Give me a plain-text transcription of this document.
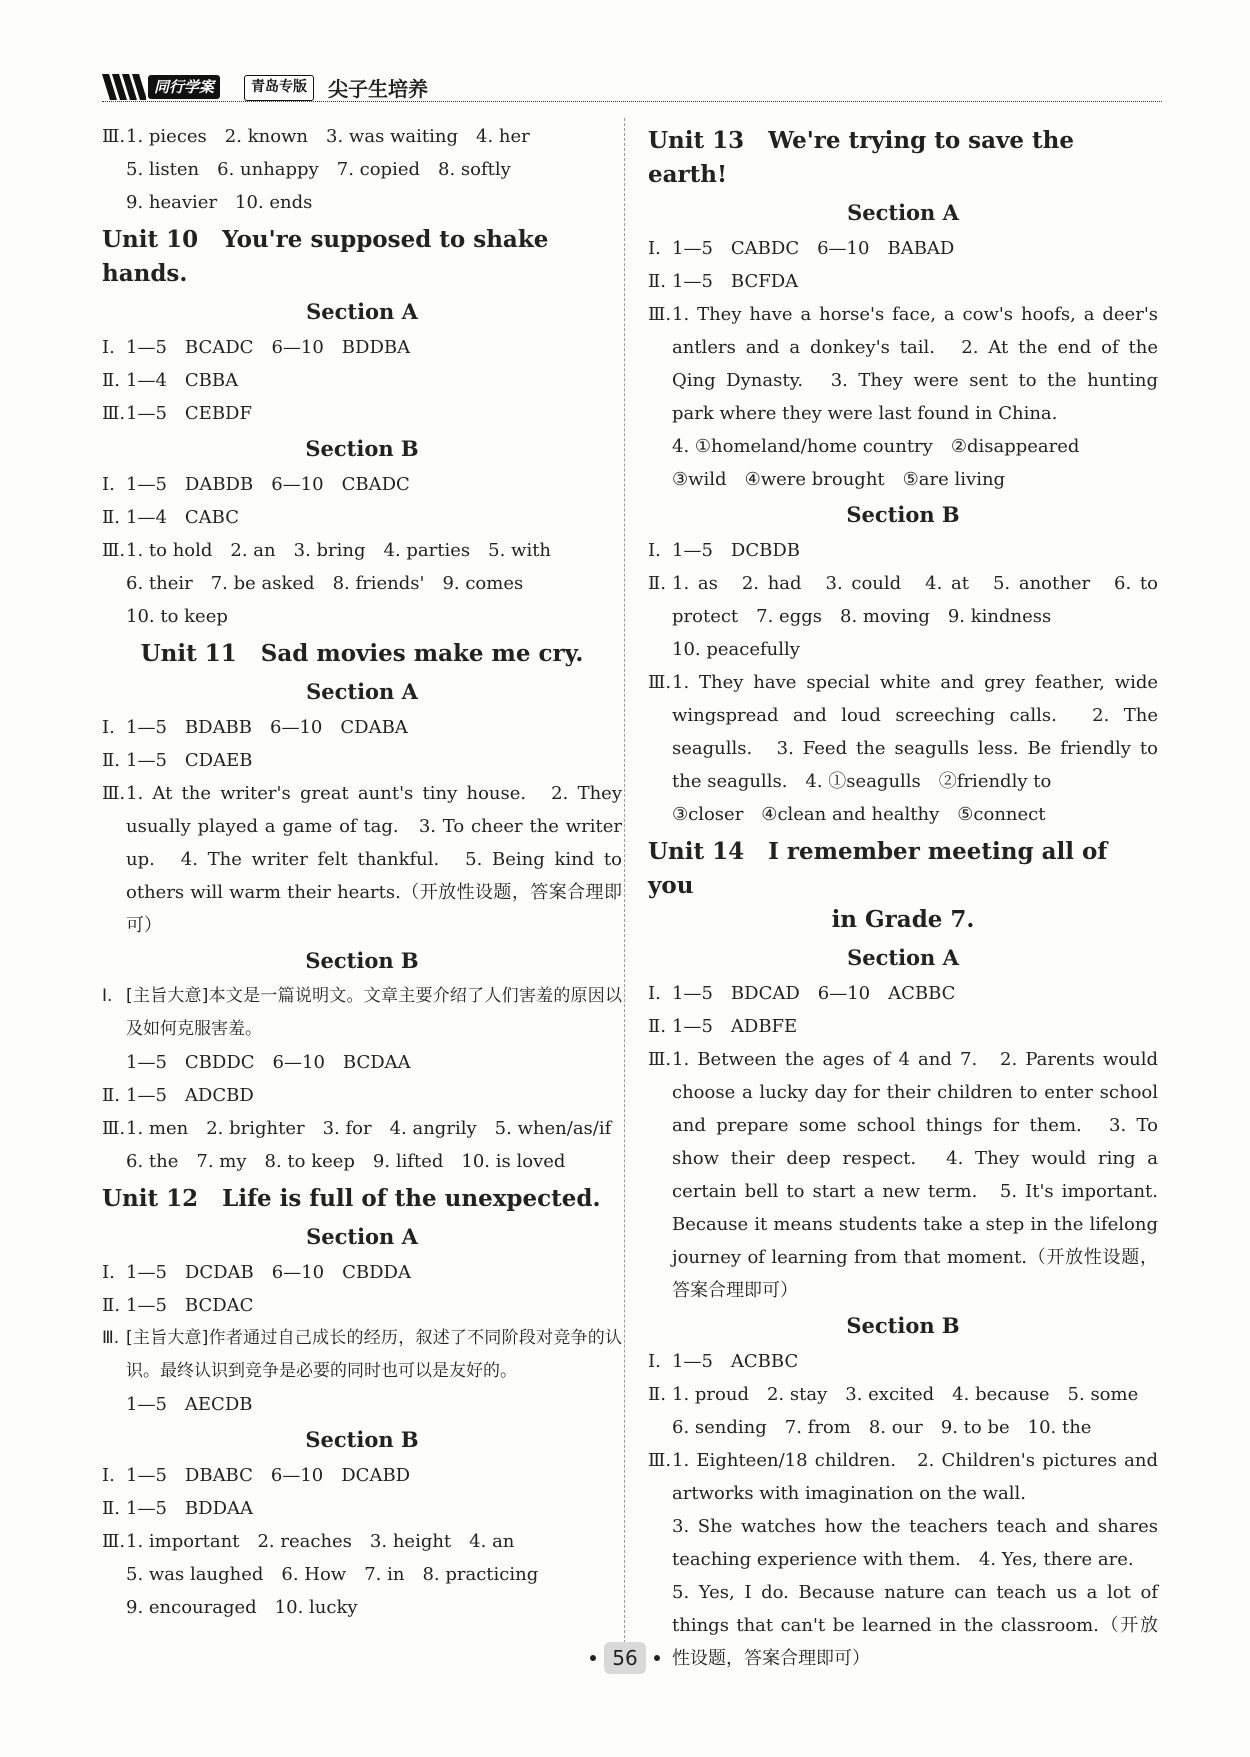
同行学案	青岛专版	尖子生培养
Ⅲ.1. pieces　2. known　3. was waiting　4. her
5. listen　6. unhappy　7. copied　8. softly
9. heavier　10. ends
Unit 10 You're supposed to shake hands.
Section A
Ⅰ. 1—5　BCADC　6—10　BDDBA
Ⅱ. 1—4　CBBA
Ⅲ.1—5　CEBDF
Section B
Ⅰ. 1—5　DABDB　6—10　CBADC
Ⅱ. 1—4　CABC
Ⅲ.1. to hold　2. an　3. bring　4. parties　5. with
6. their　7. be asked　8. friends'　9. comes
10. to keep
Unit 11 Sad movies make me cry.
Section A
Ⅰ. 1—5　BDABB　6—10　CDABA
Ⅱ. 1—5　CDAEB
Ⅲ.1. At the writer's great aunt's tiny house.　2. They usually played a game of tag.　3. To cheer the writer up.　4. The writer felt thankful.　5. Being kind to others will warm their hearts.（开放性设题，答案合理即可）
Section B
Ⅰ. [主旨大意]本文是一篇说明文。文章主要介绍了人们害羞的原因以及如何克服害羞。
1—5　CBDDC　6—10　BCDAA
Ⅱ. 1—5　ADCBD
Ⅲ.1. men　2. brighter　3. for　4. angrily　5. when/as/if
6. the　7. my　8. to keep　9. lifted　10. is loved
Unit 12 Life is full of the unexpected.
Section A
Ⅰ. 1—5　DCDAB　6—10　CBDDA
Ⅱ. 1—5　BCDAC
Ⅲ. [主旨大意]作者通过自己成长的经历，叙述了不同阶段对竞争的认识。最终认识到竞争是必要的同时也可以是友好的。
1—5　AECDB
Section B
Ⅰ. 1—5　DBABC　6—10　DCABD
Ⅱ. 1—5　BDDAA
Ⅲ.1. important　2. reaches　3. height　4. an
5. was laughed　6. How　7. in　8. practicing
9. encouraged　10. lucky
Unit 13 We're trying to save the earth!
Section A
Ⅰ. 1—5　CABDC　6—10　BABAD
Ⅱ. 1—5　BCFDA
Ⅲ.1. They have a horse's face, a cow's hoofs, a deer's antlers and a donkey's tail.　2. At the end of the Qing Dynasty.　3. They were sent to the hunting park where they were last found in China.
4. ①homeland/home country　②disappeared
③wild　④were brought　⑤are living
Section B
Ⅰ. 1—5　DCBDB
Ⅱ. 1. as　2. had　3. could　4. at　5. another　6. to protect　7. eggs　8. moving　9. kindness
10. peacefully
Ⅲ.1. They have special white and grey feather, wide wingspread and loud screeching calls.　2. The seagulls.　3. Feed the seagulls less. Be friendly to the seagulls.　4. ①seagulls　②friendly to
③closer　④clean and healthy　⑤connect
Unit 14 I remember meeting all of you
in Grade 7.
Section A
Ⅰ. 1—5　BDCAD　6—10　ACBBC
Ⅱ. 1—5　ADBFE
Ⅲ.1. Between the ages of 4 and 7.　2. Parents would choose a lucky day for their children to enter school and prepare some school things for them.　3. To show their deep respect.　4. They would ring a certain bell to start a new term.　5. It's important. Because it means students take a step in the lifelong journey of learning from that moment.（开放性设题，答案合理即可）
Section B
Ⅰ. 1—5　ACBBC
Ⅱ. 1. proud　2. stay　3. excited　4. because　5. some
6. sending　7. from　8. our　9. to be　10. the
Ⅲ.1. Eighteen/18 children.　2. Children's pictures and artworks with imagination on the wall.
3. She watches how the teachers teach and shares teaching experience with them.　4. Yes, there are.
5. Yes, I do. Because nature can teach us a lot of things that can't be learned in the classroom.（开放性设题，答案合理即可）
56
